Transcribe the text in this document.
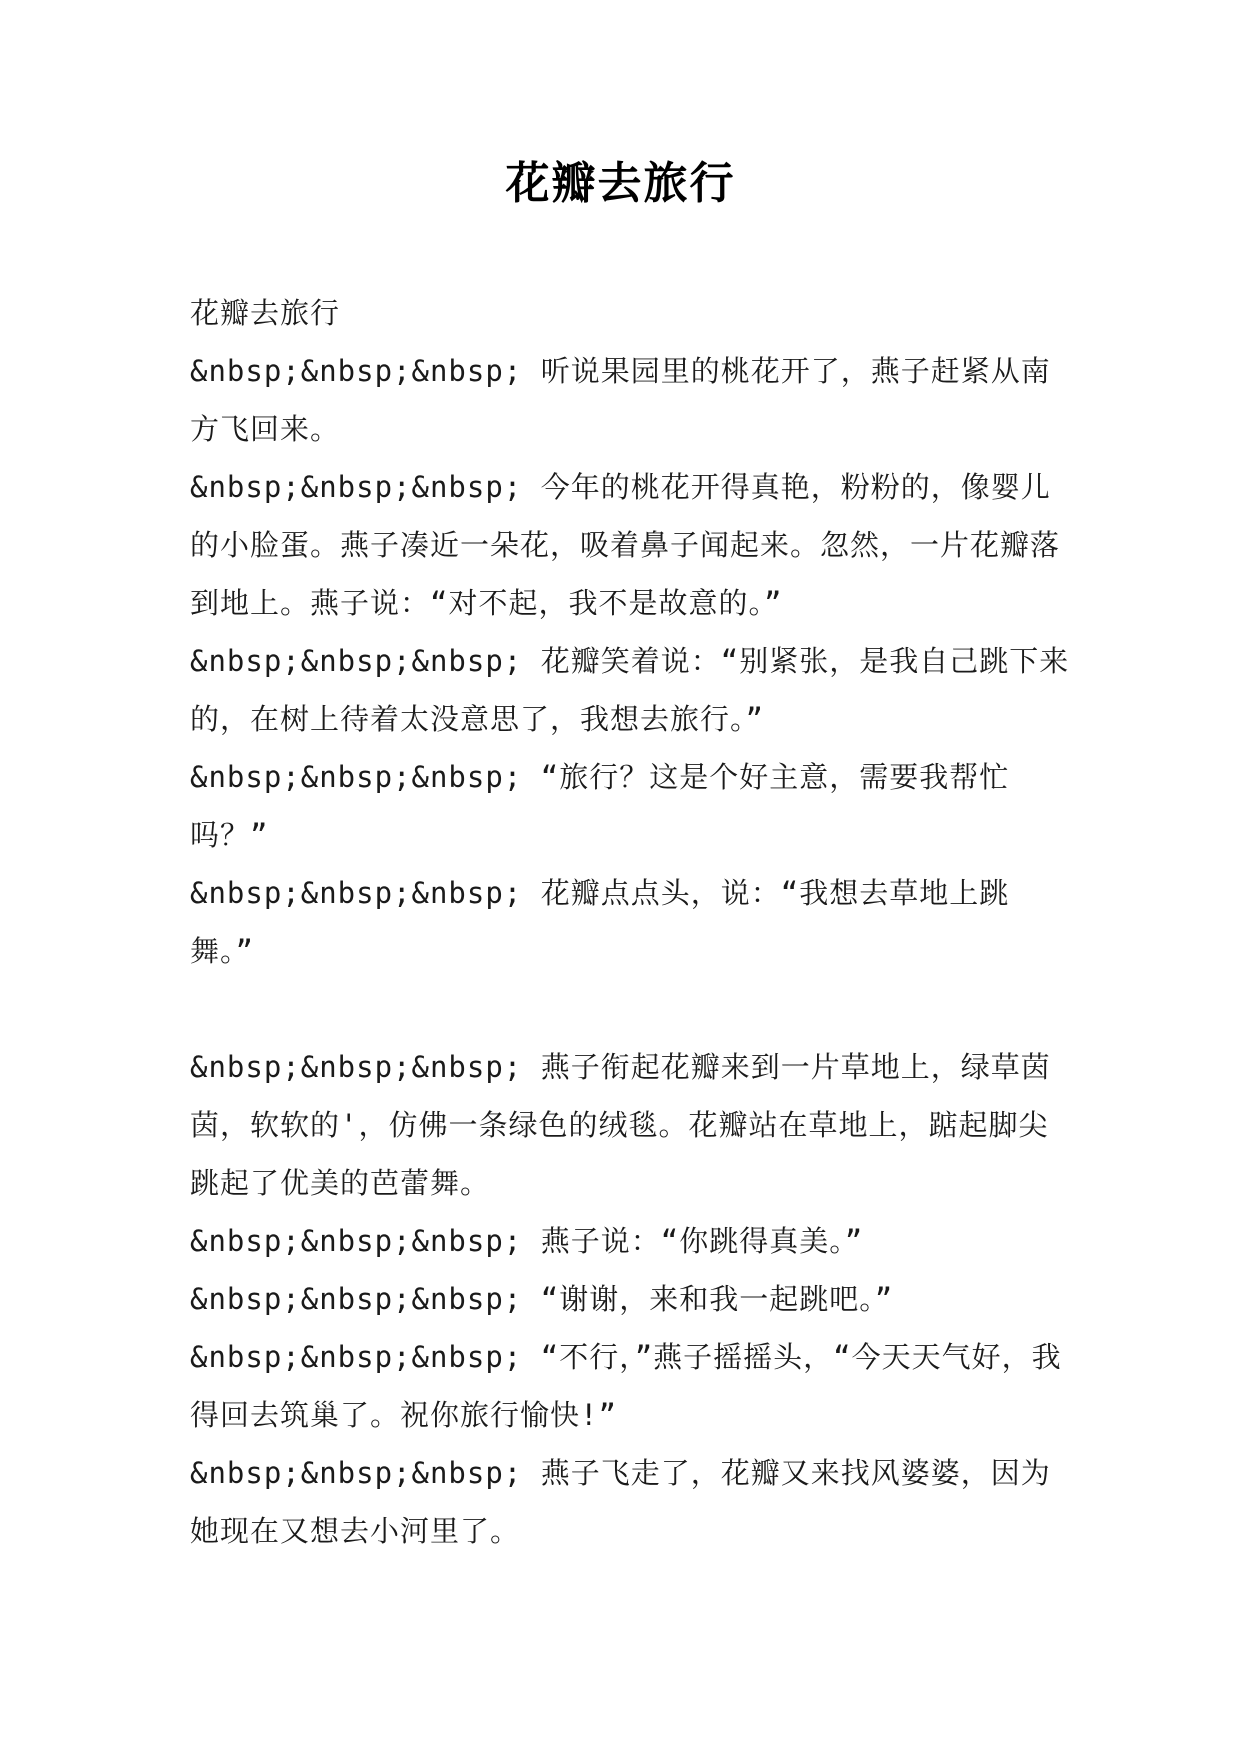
花瓣去旅行

花瓣去旅行

&nbsp;&nbsp;&nbsp; 听说果园里的桃花开了，燕子赶紧从南方飞回来。

&nbsp;&nbsp;&nbsp; 今年的桃花开得真艳，粉粉的，像婴儿的小脸蛋。燕子凑近一朵花，吸着鼻子闻起来。忽然，一片花瓣落到地上。燕子说：“对不起，我不是故意的。”

&nbsp;&nbsp;&nbsp; 花瓣笑着说：“别紧张，是我自己跳下来的，在树上待着太没意思了，我想去旅行。”

&nbsp;&nbsp;&nbsp; “旅行？这是个好主意，需要我帮忙吗？”

&nbsp;&nbsp;&nbsp; 花瓣点点头，说：“我想去草地上跳舞。”

&nbsp;&nbsp;&nbsp; 燕子衔起花瓣来到一片草地上，绿草茵茵，软软的'，仿佛一条绿色的绒毯。花瓣站在草地上，踮起脚尖跳起了优美的芭蕾舞。

&nbsp;&nbsp;&nbsp; 燕子说：“你跳得真美。”

&nbsp;&nbsp;&nbsp; “谢谢，来和我一起跳吧。”

&nbsp;&nbsp;&nbsp; “不行，”燕子摇摇头，“今天天气好，我得回去筑巢了。祝你旅行愉快!”

&nbsp;&nbsp;&nbsp; 燕子飞走了，花瓣又来找风婆婆，因为她现在又想去小河里了。
